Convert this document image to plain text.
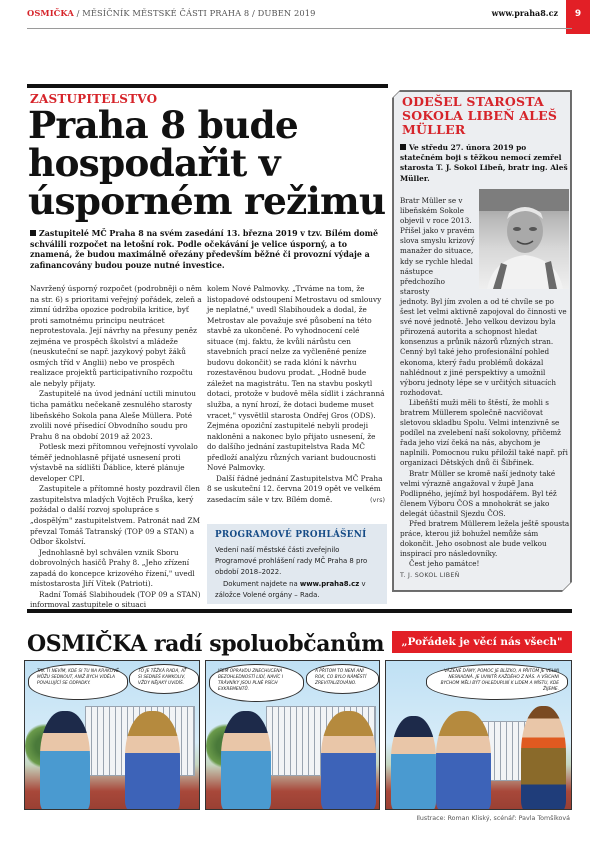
OSMIČKA / MĚSÍČNÍK MĚSTSKÉ ČÁSTI PRAHA 8 / DUBEN 2019	www.praha8.cz	9
ZASTUPITELSTVO
Praha 8 bude hospodařit v úsporném režimu
Zastupitelé MČ Praha 8 na svém zasedání 13. března 2019 v tzv. Bílém domě schválili rozpočet na letošní rok. Podle očekávání je velice úsporný, a to znamená, že budou maximálně ořezány především běžné či provozní výdaje a zafinancovány budou pouze nutné investice.

Navržený úsporný rozpočet (podrobněji o něm na str. 6) s prioritami veřejný pořádek, zeleň a zimní údržba opozice podrobila kritice, byť proti samotnému principu neutrácet neprotestovala. Její návrhy na přesuny peněz zejména ve prospěch školství a mládeže (neuskuteční se např. jazykový pobyt žáků osmých tříd v Anglii) nebo ve prospěch realizace projektů participativního rozpočtu ale nebyly přijaty.

Zastupitelé na úvod jednání uctili minutou ticha památku nečekaně zesnulého starosty libeňského Sokola pana Aleše Müllera. Poté zvolili nové přísedící Obvodního soudu pro Prahu 8 na období 2019 až 2023.

Potlesk mezi přítomnou veřejností vyvolalo téměř jednohlasně přijaté usnesení proti výstavbě na sídlišti Ďáblice, které plánuje developer CPI.

Zastupitele a přítomné hosty pozdravil člen zastupitelstva mladých Vojtěch Pruška, kerý požádal o další rozvoj spolupráce s „dospělým" zastupitelstvem. Patronát nad ZM převzal Tomáš Tatranský (TOP 09 a STAN) a Odbor školství.

Jednohlasně byl schválen vznik Sboru dobrovolných hasičů Prahy 8. „Jeho zřízení zapadá do koncepce krizového řízení," uvedl místostarosta Jiří Vítek (Patrioti).

Radní Tomáš Slabihoudek (TOP 09 a STAN) informoval zastupitele o situaci

kolem Nové Palmovky. „Trváme na tom, že listopadové odstoupení Metrostavu od smlouvy je neplatné," uvedl Slabihoudek a dodal, že Metrostav ale považuje své působení na této stavbě za ukončené. Po vyhodnocení celé situace (mj. faktu, že kvůli nárůstu cen stavebních prací nelze za vyčleněné peníze budovu dokončit) se rada klóní k návrhu rozestavěnou budovu prodat. „Hodně bude záležet na magistrátu. Ten na stavbu poskytl dotaci, protože v budově měla sídlit i záchranná služba, a nyní hrozí, že dotaci budeme muset vracet," vysvětlil starosta Ondřej Gros (ODS). Zejména opoziční zastupitelé nebyli prodeji nakloněni a nakonec bylo přijato usnesení, že do dalšího jednání zastupitelstva Rada MČ předloží analýzu různých variant budoucnosti Nové Palmovky.

Další řádné jednání Zastupitelstva MČ Praha 8 se uskuteční 12. června 2019 opět ve velkém zasedacím sále v tzv. Bílém domě.	(vrs)
PROGRAMOVÉ PROHLÁŠENÍ
Vedení naší městské části zveřejnilo Programové prohlášení rady MČ Praha 8 pro období 2018–2022.
Dokument najdete na www.praha8.cz v záložce Volené orgány – Rada.
ODEŠEL STAROSTA SOKOLA LIBEŇ ALEŠ MÜLLER
Ve středu 27. února 2019 po statečném boji s těžkou nemocí zemřel starosta T. J. Sokol Libeň, bratr ing. Aleš Müller.

Bratr Müller se v libeňském Sokole objevil v roce 2013. Přišel jako v pravém slova smyslu krizový manažer do situace, kdy se rychle hledal nástupce předchozího starosty

jednoty. Byl jím zvolen a od té chvíle se po šest let velmi aktivně zapojoval do činnosti ve své nové jednotě. Jeho velkou devizou byla přirozená autorita a schopnost hledat konsenzus a průnik názorů různých stran. Cenný byl také jeho profesionální pohled ekonoma, který řadu problémů dokázal nahlédnout z jiné perspektivy a umožnil výboru jednoty lépe se v určitých situacích rozhodovat.

Libeňští muži měli to štěstí, že mohli s bratrem Müllerem společně nacvičovat sletovou skladbu Spolu. Velmi intenzivně se podílel na zvelebení naší sokolovny, přičemž řada jeho vizí čeká na nás, abychom je naplnili. Pomocnou ruku přiložil také např. při organizaci Dětských dnů či Šibřinek.

Bratr Müller se kromě naší jednoty také velmi výrazně angažoval v župě Jana Podlipného, jejímž byl hospodářem. Byl též členem Výboru ČOS a mnohokrát se jako delegát účastnil Sjezdu ČOS.

Před bratrem Müllerem ležela ještě spousta práce, kterou již bohužel nemůže sám dokončit. Jeho osobnost ale bude velkou inspirací pro následovníky.

Čest jeho památce!

T. J. SOKOL LIBEŇ
OSMIČKA radí spoluobčanům	„Pořádek je věcí nás všech"
TAK TI NEVÍM, KDE SI TU NA KRAKOVĚ MŮŽU SEDNOUT, ANIŽ BYCH VIDĚLA POVALUJÍCÍ SE ODPADKY.
TO JE TĚŽKÁ RADA, AŤ SI SEDNEŠ KAMKOLIV, VŽDY NĚJAKÝ UVIDÍŠ.
JSEM OPRAVDU ZNECHUCENA BEZOHLEDNOSTÍ LIDÍ, NAVÍC I TRÁVNÍKY JSOU PLNÉ PSÍCH EXKREMENTŮ.
A PŘITOM TO NENÍ ANI ROK, CO BYLO NÁMĚSTÍ ZREVITALIZOVÁNO.
VÁŽENÉ DÁMY, POMOC JE BLÍZKO, A PŘITOM JE VELMI NESNADNÁ. JE UVNITŘ KAŽDÉHO Z NÁS. A VŠICHNI BYCHOM MĚLI BÝT OHLEDUPLNÍ K LIDEM A MÍSTU, KDE ŽIJEME.
Ilustrace: Roman Kliský, scénář: Pavla Tomšíková
